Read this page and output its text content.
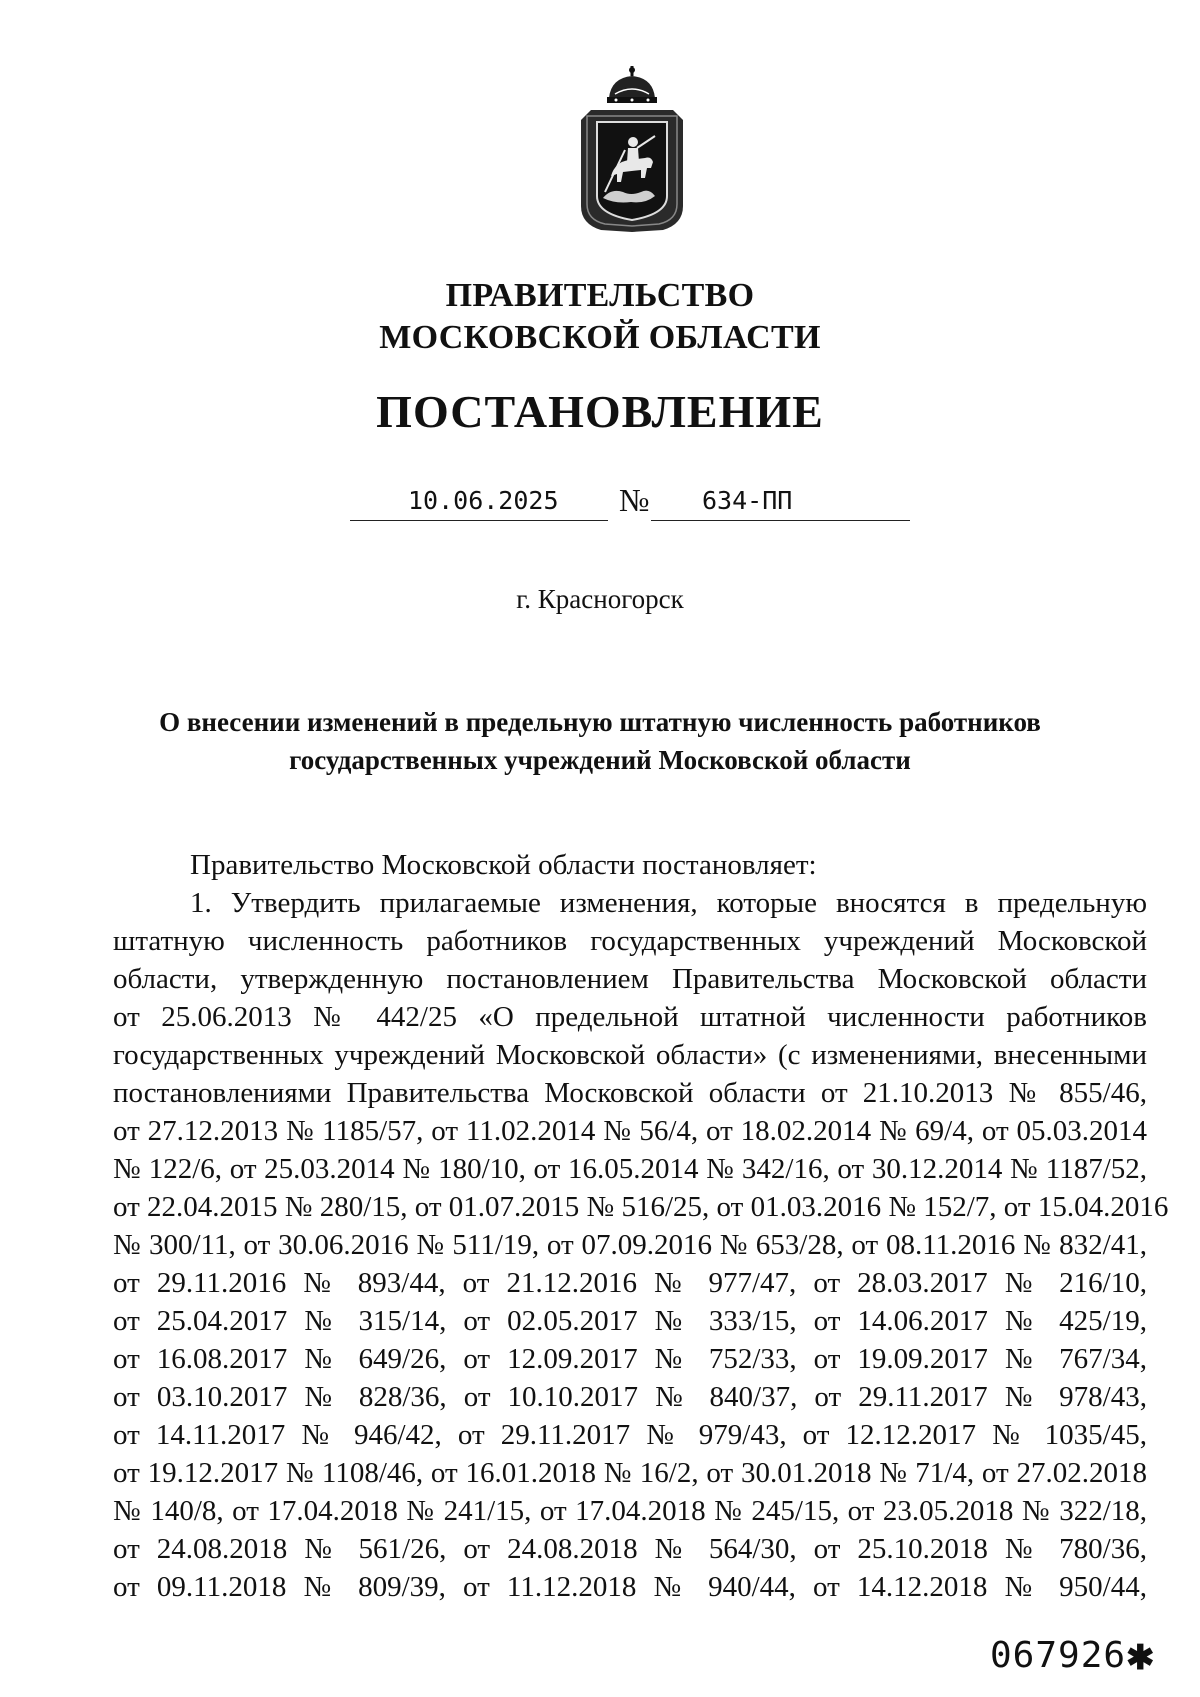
ПРАВИТЕЛЬСТВО
МОСКОВСКОЙ ОБЛАСТИ
ПОСТАНОВЛЕНИЕ
10.06.2025	№ 634-ПП
г. Красногорск
О внесении изменений в предельную штатную численность работников
государственных учреждений Московской области
Правительство Московской области постановляет:
1. Утвердить прилагаемые изменения, которые вносятся в предельную
штатную численность работников государственных учреждений Московской
области, утвержденную постановлением Правительства Московской области
от 25.06.2013 № 442/25 «О предельной штатной численности работников
государственных учреждений Московской области» (с изменениями, внесенными
постановлениями Правительства Московской области от 21.10.2013 № 855/46,
от 27.12.2013 № 1185/57, от 11.02.2014 № 56/4, от 18.02.2014 № 69/4, от 05.03.2014
№ 122/6, от 25.03.2014 № 180/10, от 16.05.2014 № 342/16, от 30.12.2014 № 1187/52,
от 22.04.2015 № 280/15, от 01.07.2015 № 516/25, от 01.03.2016 № 152/7, от 15.04.2016
№ 300/11, от 30.06.2016 № 511/19, от 07.09.2016 № 653/28, от 08.11.2016 № 832/41,
от 29.11.2016 № 893/44, от 21.12.2016 № 977/47, от 28.03.2017 № 216/10,
от 25.04.2017 № 315/14, от 02.05.2017 № 333/15, от 14.06.2017 № 425/19,
от 16.08.2017 № 649/26, от 12.09.2017 № 752/33, от 19.09.2017 № 767/34,
от 03.10.2017 № 828/36, от 10.10.2017 № 840/37, от 29.11.2017 № 978/43,
от 14.11.2017 № 946/42, от 29.11.2017 № 979/43, от 12.12.2017 № 1035/45,
от 19.12.2017 № 1108/46, от 16.01.2018 № 16/2, от 30.01.2018 № 71/4, от 27.02.2018
№ 140/8, от 17.04.2018 № 241/15, от 17.04.2018 № 245/15, от 23.05.2018 № 322/18,
от 24.08.2018 № 561/26, от 24.08.2018 № 564/30, от 25.10.2018 № 780/36,
от 09.11.2018 № 809/39, от 11.12.2018 № 940/44, от 14.12.2018 № 950/44,
067926 ✱
